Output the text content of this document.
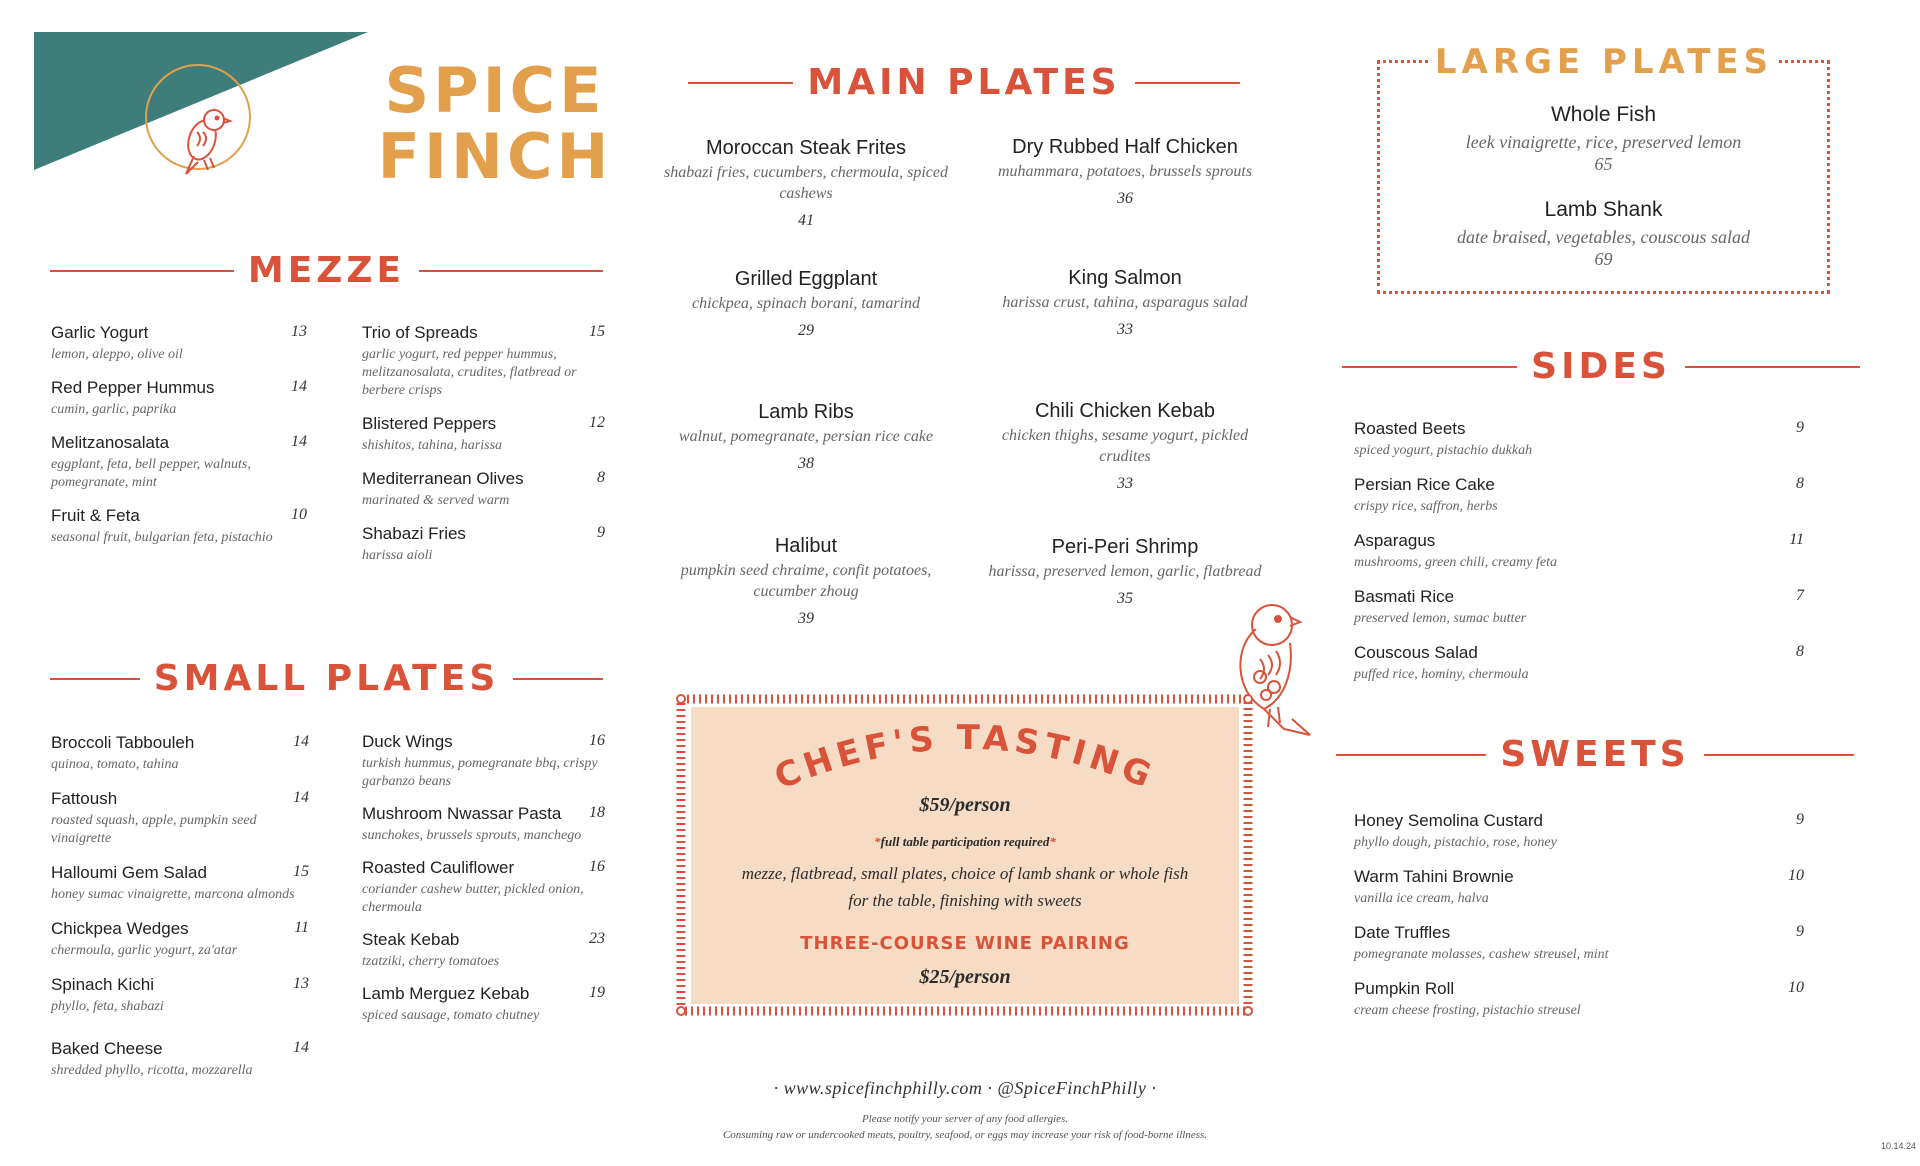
SPICE
FINCH
MEZZE
Garlic Yogurt	13
lemon, aleppo, olive oil
Red Pepper Hummus	14
cumin, garlic, paprika
Melitzanosalata	14
eggplant, feta, bell pepper, walnuts, pomegranate, mint
Fruit & Feta	10
seasonal fruit, bulgarian feta, pistachio
Trio of Spreads	15
garlic yogurt, red pepper hummus, melitzanosalata, crudites, flatbread or berbere crisps
Blistered Peppers	12
shishitos, tahina, harissa
Mediterranean Olives	8
marinated & served warm
Shabazi Fries	9
harissa aioli
SMALL PLATES
Broccoli Tabbouleh	14
quinoa, tomato, tahina
Fattoush	14
roasted squash, apple, pumpkin seed vinaigrette
Halloumi Gem Salad	15
honey sumac vinaigrette, marcona almonds
Chickpea Wedges	11
chermoula, garlic yogurt, za'atar
Spinach Kichi	13
phyllo, feta, shabazi
Baked Cheese	14
shredded phyllo, ricotta, mozzarella
Duck Wings	16
turkish hummus, pomegranate bbq, crispy garbanzo beans
Mushroom Nwassar Pasta	18
sunchokes, brussels sprouts, manchego
Roasted Cauliflower	16
coriander cashew butter, pickled onion, chermoula
Steak Kebab	23
tzatziki, cherry tomatoes
Lamb Merguez Kebab	19
spiced sausage, tomato chutney
MAIN PLATES
Moroccan Steak Frites
shabazi fries, cucumbers, chermoula, spiced cashews
41
Grilled Eggplant
chickpea, spinach borani, tamarind
29
Lamb Ribs
walnut, pomegranate, persian rice cake
38
Halibut
pumpkin seed chraime, confit potatoes, cucumber zhoug
39
Dry Rubbed Half Chicken
muhammara, potatoes, brussels sprouts
36
King Salmon
harissa crust, tahina, asparagus salad
33
Chili Chicken Kebab
chicken thighs, sesame yogurt, pickled crudites
33
Peri-Peri Shrimp
harissa, preserved lemon, garlic, flatbread
35
LARGE PLATES
Whole Fish
leek vinaigrette, rice, preserved lemon
65
Lamb Shank
date braised, vegetables, couscous salad
69
SIDES
Roasted Beets	9
spiced yogurt, pistachio dukkah
Persian Rice Cake	8
crispy rice, saffron, herbs
Asparagus	11
mushrooms, green chili, creamy feta
Basmati Rice	7
preserved lemon, sumac butter
Couscous Salad	8
puffed rice, hominy, chermoula
SWEETS
Honey Semolina Custard	9
phyllo dough, pistachio, rose, honey
Warm Tahini Brownie	10
vanilla ice cream, halva
Date Truffles	9
pomegranate molasses, cashew streusel, mint
Pumpkin Roll	10
cream cheese frosting, pistachio streusel
CHEF'S TASTING
$59/person
*full table participation required*
mezze, flatbread, small plates, choice of lamb shank or whole fish
for the table, finishing with sweets
THREE-COURSE WINE PAIRING
$25/person
· www.spicefinchphilly.com · @SpiceFinchPhilly ·
Please notify your server of any food allergies.
Consuming raw or undercooked meats, poultry, seafood, or eggs may increase your risk of food-borne illness.
10.14.24
